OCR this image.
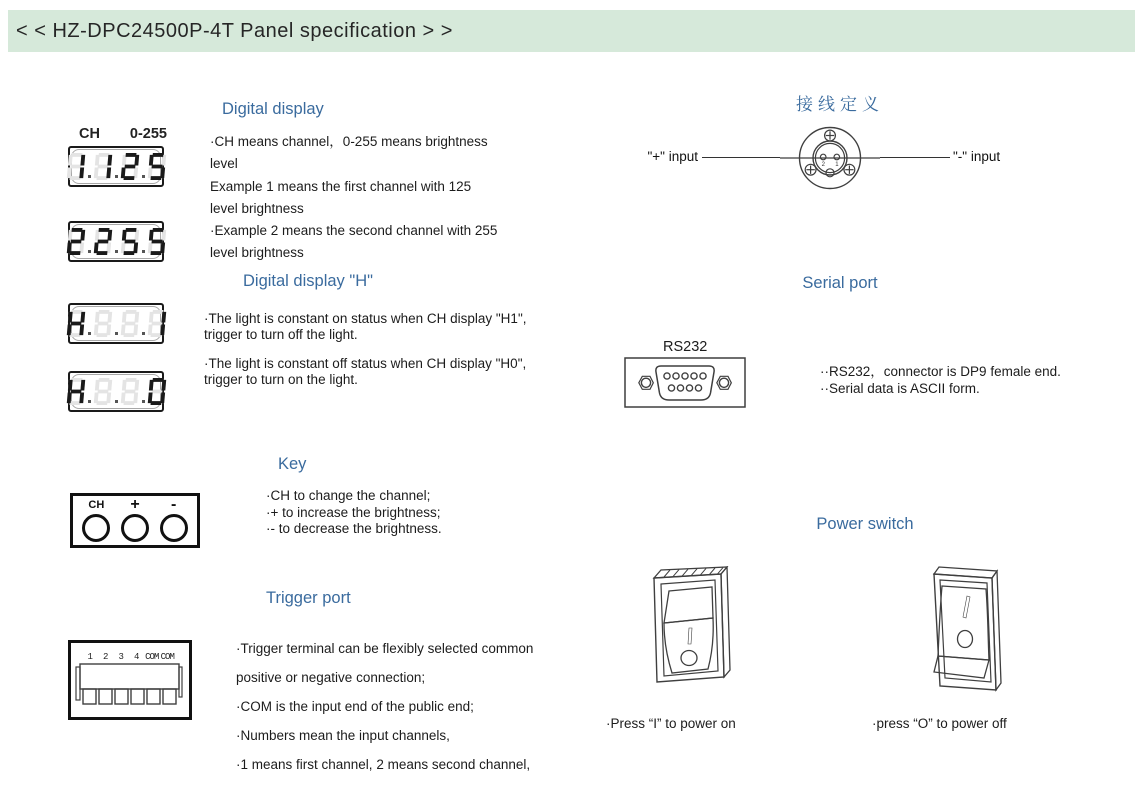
< < HZ-DPC24500P-4T Panel specification > >
Digital display
CH 0-255	·CH means channel，0-255 means brightness
level
Example 1 means the first channel with 125
level brightness
·Example 2 means the second channel with 255
level brightness
Digital display "H"
·The light is constant on status when CH display "H1",
trigger to turn off the light.
·The light is constant off status when CH display "H0",
trigger to turn on the light.
Key
·CH to change the channel;
·+ to increase the brightness;
·- to decrease the brightness.
CH + -
Trigger port
1	2	3	4 COM COM
·Trigger terminal can be flexibly selected common
positive or negative connection;
·COM is the input end of the public end;
·Numbers mean the input channels,
·1 means first channel, 2 means second channel,
接线定义
"+" input	"-" input
2 1
Serial port
RS232
··RS232，connector is DP9 female end.
··Serial data is ASCII form.
Power switch
·Press “I” to power on	·press “O” to power off
